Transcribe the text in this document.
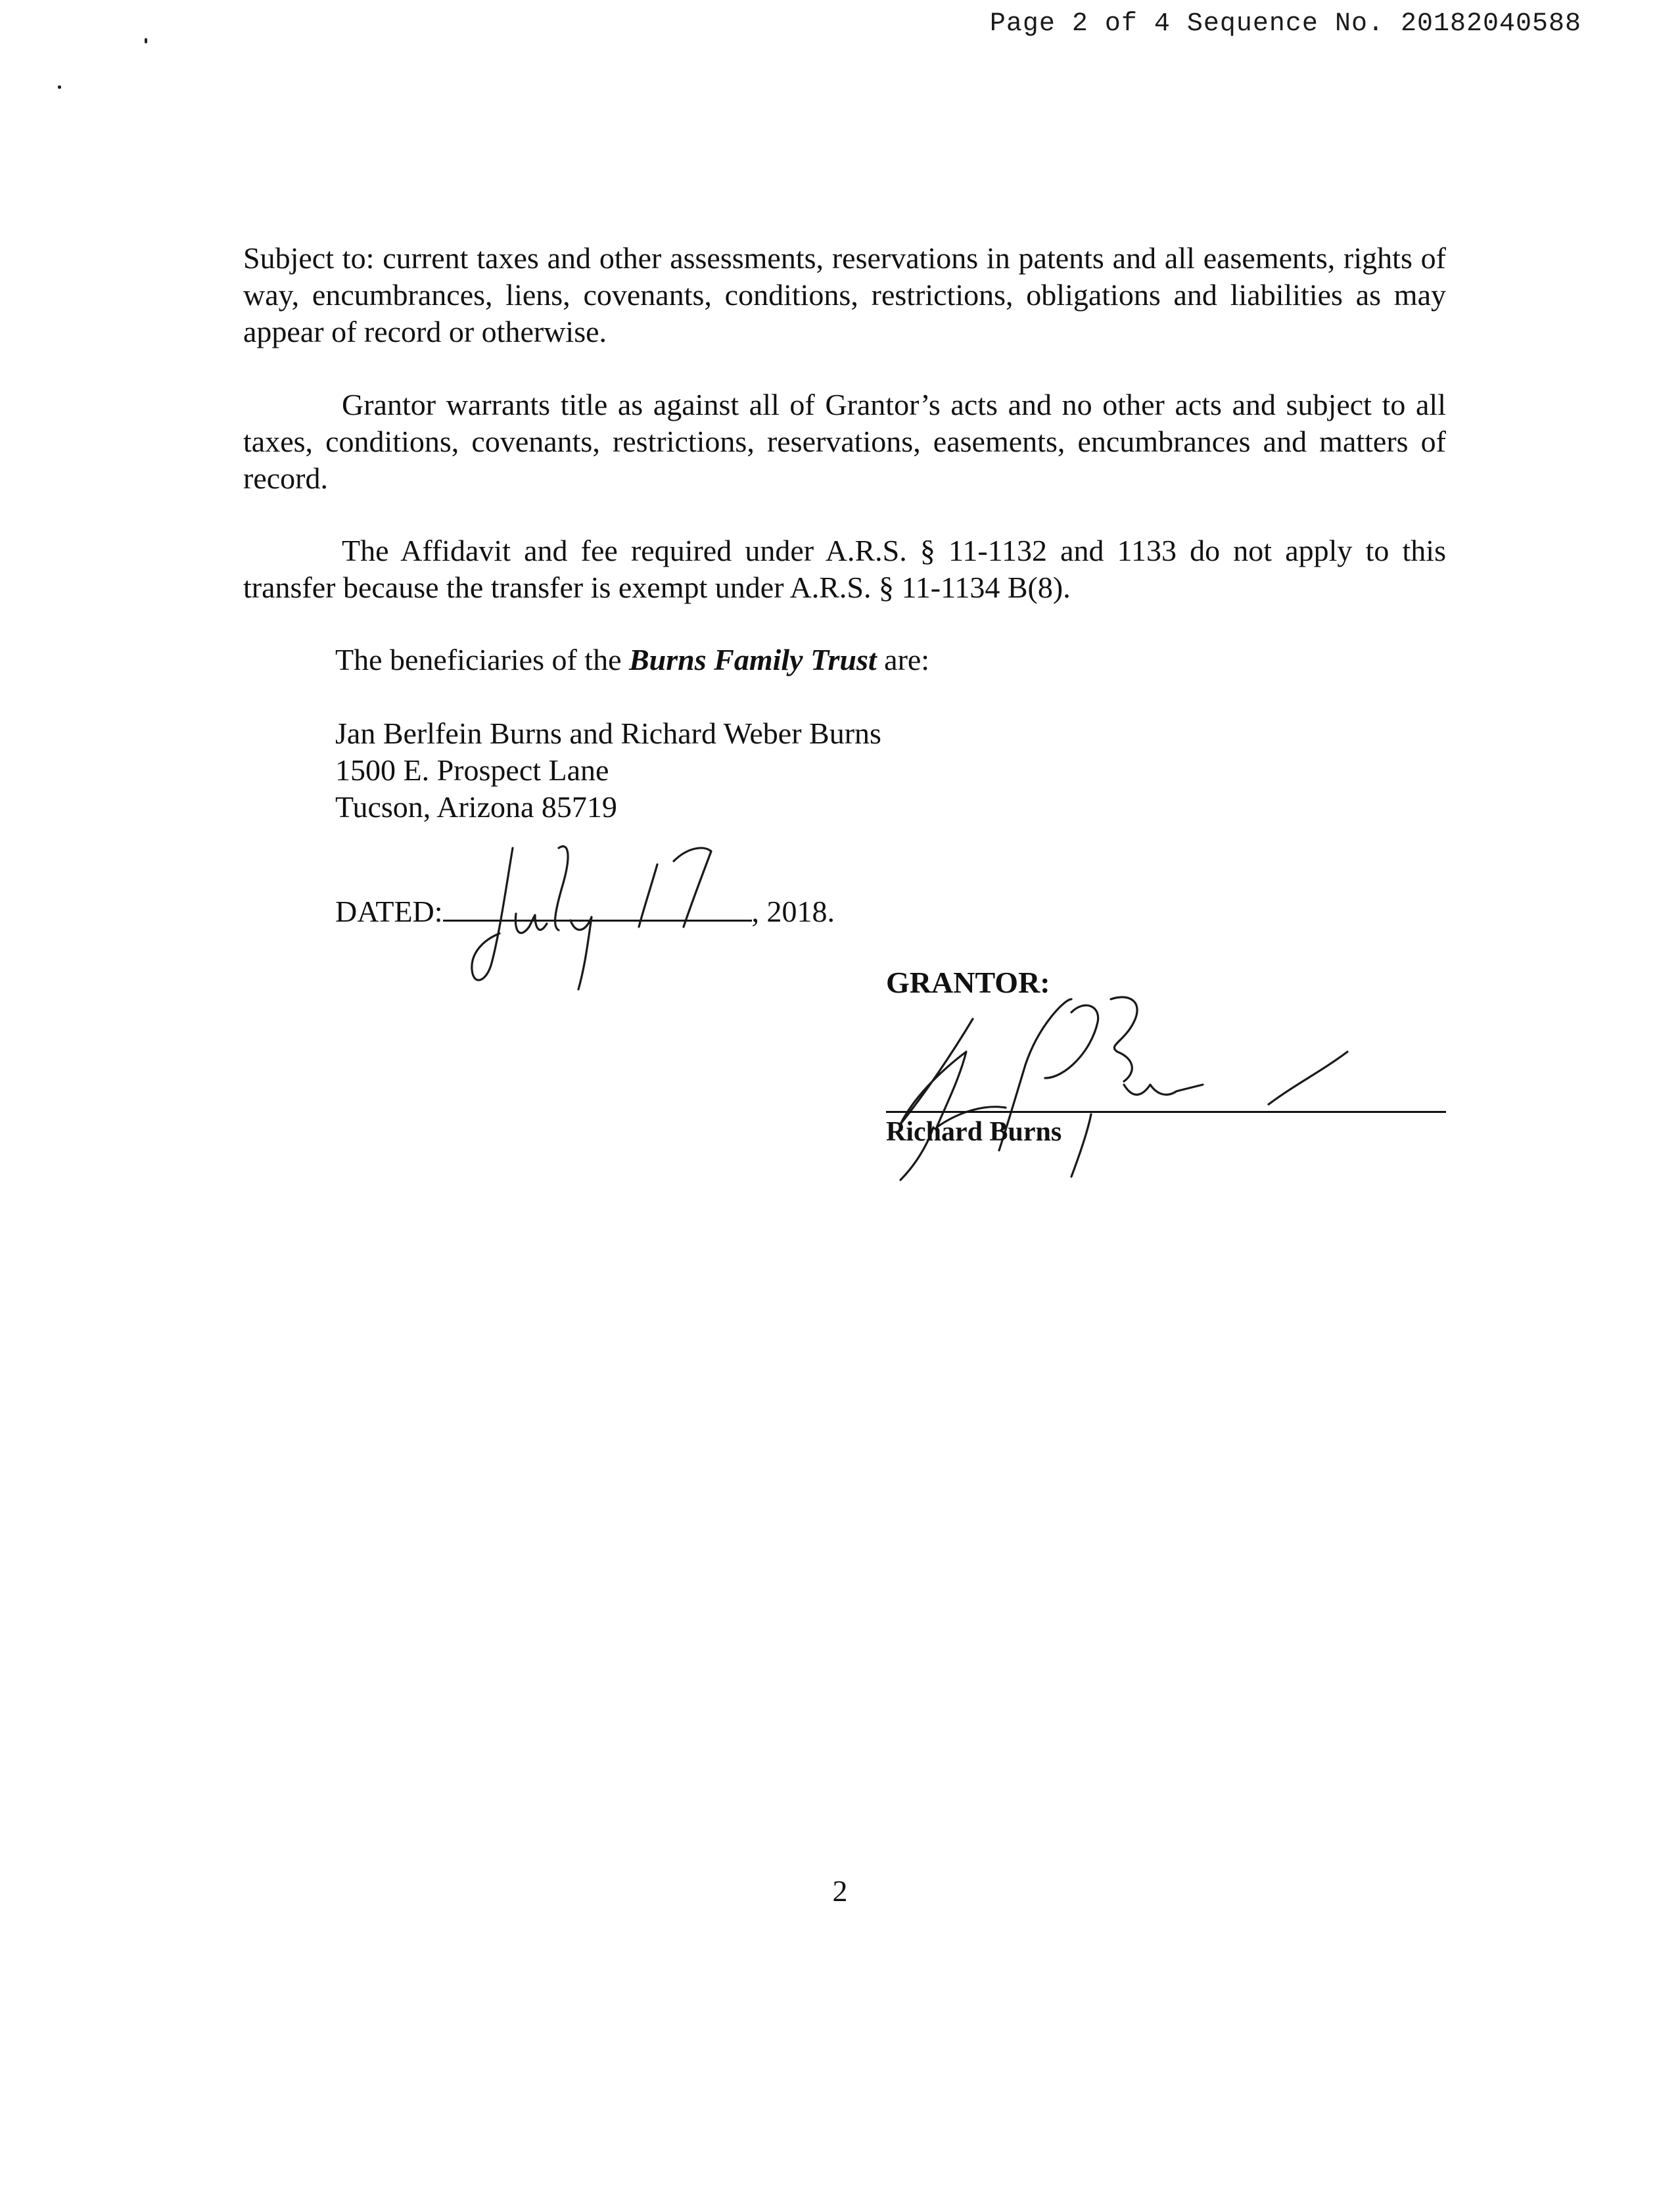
Page 2 of 4 Sequence No. 20182040588
Subject to: current taxes and other assessments, reservations in patents and all easements, rights of way, encumbrances, liens, covenants, conditions, restrictions, obligations and liabilities as may appear of record or otherwise.
Grantor warrants title as against all of Grantor’s acts and no other acts and subject to all taxes, conditions, covenants, restrictions, reservations, easements, encumbrances and matters of record.
The Affidavit and fee required under A.R.S. § 11-1132 and 1133 do not apply to this transfer because the transfer is exempt under A.R.S. § 11-1134 B(8).
The beneficiaries of the Burns Family Trust are:
Jan Berlfein Burns and Richard Weber Burns
1500 E. Prospect Lane
Tucson, Arizona 85719
DATED:	, 2018.
GRANTOR:
Richard Burns
2
